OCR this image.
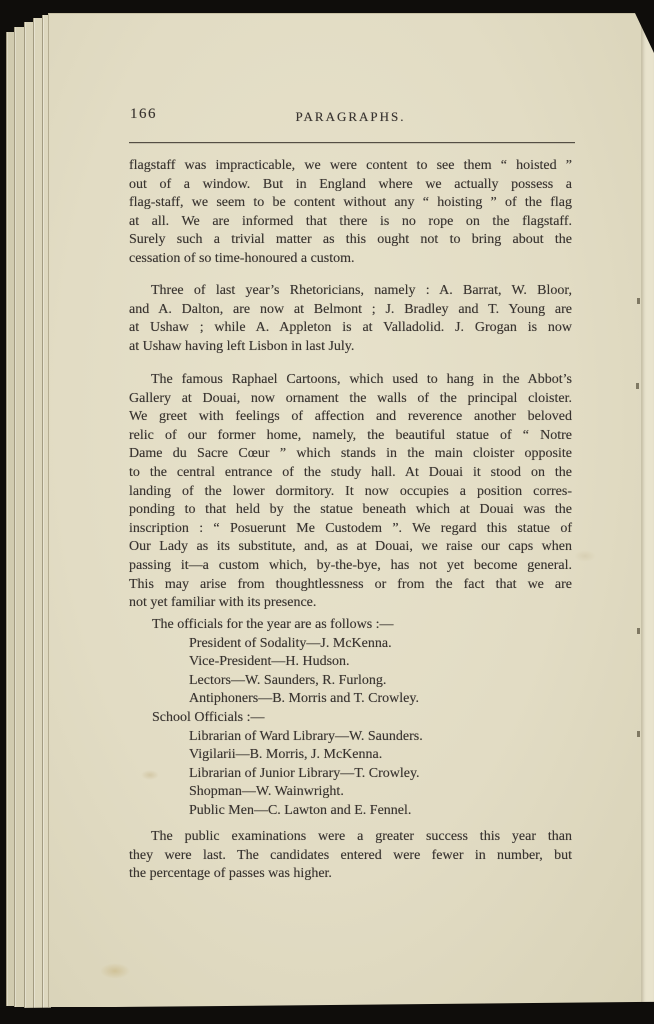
166	PARAGRAPHS.
flagstaff was impracticable, we were content to see them “ hoisted ”
out of a window. But in England where we actually possess a
flag-staff, we seem to be content without any “ hoisting ” of the flag
at all. We are informed that there is no rope on the flagstaff.
Surely such a trivial matter as this ought not to bring about the
cessation of so time-honoured a custom.
Three of last year’s Rhetoricians, namely : A. Barrat, W. Bloor,
and A. Dalton, are now at Belmont ; J. Bradley and T. Young are
at Ushaw ; while A. Appleton is at Valladolid. J. Grogan is now
at Ushaw having left Lisbon in last July.
The famous Raphael Cartoons, which used to hang in the Abbot’s
Gallery at Douai, now ornament the walls of the principal cloister.
We greet with feelings of affection and reverence another beloved
relic of our former home, namely, the beautiful statue of “ Notre
Dame du Sacre Cœur ” which stands in the main cloister opposite
to the central entrance of the study hall. At Douai it stood on the
landing of the lower dormitory. It now occupies a position corres-
ponding to that held by the statue beneath which at Douai was the
inscription : “ Posuerunt Me Custodem ”. We regard this statue of
Our Lady as its substitute, and, as at Douai, we raise our caps when
passing it—a custom which, by-the-bye, has not yet become general.
This may arise from thoughtlessness or from the fact that we are
not yet familiar with its presence.
The officials for the year are as follows :—
President of Sodality—J. McKenna.
Vice-President—H. Hudson.
Lectors—W. Saunders, R. Furlong.
Antiphoners—B. Morris and T. Crowley.
School Officials :—
Librarian of Ward Library—W. Saunders.
Vigilarii—B. Morris, J. McKenna.
Librarian of Junior Library—T. Crowley.
Shopman—W. Wainwright.
Public Men—C. Lawton and E. Fennel.
The public examinations were a greater success this year than
they were last. The candidates entered were fewer in number, but
the percentage of passes was higher.
